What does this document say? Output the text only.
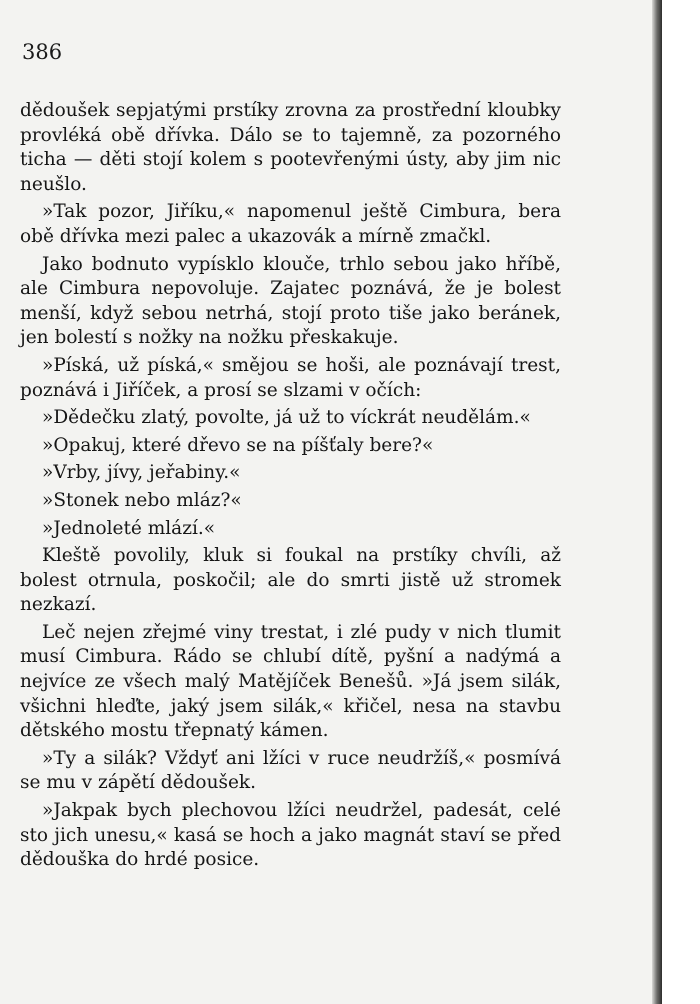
386

dědoušek sepjatými prstíky zrovna za prostřední kloubky provléká obě dřívka. Dálo se to tajemně, za pozorného ticha — děti stojí kolem s pootevřenými ústy, aby jim nic neušlo.

»Tak pozor, Jiříku,« napomenul ještě Cimbura, bera obě dřívka mezi palec a ukazovák a mírně zmačkl.

Jako bodnuto vypísklo klouče, trhlo sebou jako hříbě, ale Cimbura nepovoluje. Zajatec poznává, že je bolest menší, když sebou netrhá, stojí proto tiše jako beránek, jen bolestí s nožky na nožku přeskakuje.

»Píská, už píská,« smějou se hoši, ale poznávají trest, poznává i Jiříček, a prosí se slzami v očích:

»Dědečku zlatý, povolte, já už to víckrát neudělám.«

»Opakuj, které dřevo se na píšťaly bere?«

»Vrby, jívy, jeřabiny.«

»Stonek nebo mláz?«

»Jednoleté mlází.«

Kleště povolily, kluk si foukal na prstíky chvíli, až bolest otrnula, poskočil; ale do smrti jistě už stromek nezkazí.

Leč nejen zřejmé viny trestat, i zlé pudy v nich tlumit musí Cimbura. Rádo se chlubí dítě, pyšní a nadýmá a nejvíce ze všech malý Matějíček Benešů. »Já jsem silák, všichni hleďte, jaký jsem silák,« křičel, nesa na stavbu dětského mostu třepnatý kámen.

»Ty a silák? Vždyť ani lžíci v ruce neudržíš,« posmívá se mu v zápětí dědoušek.

»Jakpak bych plechovou lžíci neudržel, padesát, celé sto jich unesu,« kasá se hoch a jako magnát staví se před dědouška do hrdé posice.
